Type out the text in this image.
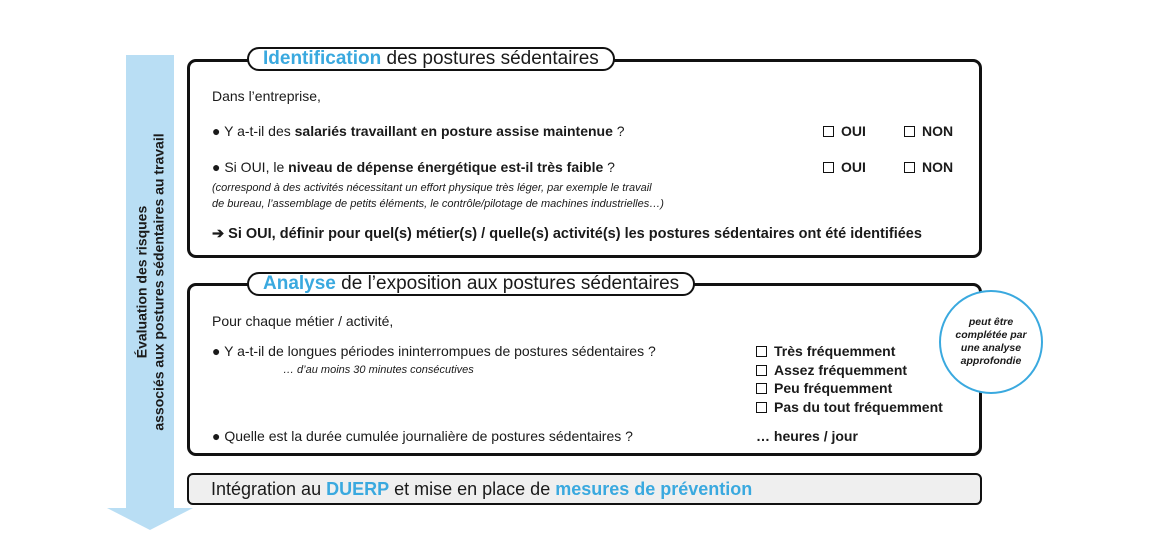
Évaluation des risques associés aux postures sédentaires au travail
Identification des postures sédentaires
Dans l’entreprise,
● Y a-t-il des salariés travaillant en posture assise maintenue ?	OUI	NON
● Si OUI, le niveau de dépense énergétique est-il très faible ?	OUI	NON
(correspond à des activités nécessitant un effort physique très léger, par exemple le travail
de bureau, l’assemblage de petits éléments, le contrôle/pilotage de machines industrielles…)
➔ Si OUI, définir pour quel(s) métier(s) / quelle(s) activité(s) les postures sédentaires ont été identifiées
Analyse de l’exposition aux postures sédentaires
Pour chaque métier / activité,
● Y a-t-il de longues périodes ininterrompues de postures sédentaires ?
… d’au moins 30 minutes consécutives
Très fréquemment
Assez fréquemment
Peu fréquemment
Pas du tout fréquemment
● Quelle est la durée cumulée journalière de postures sédentaires ?	… heures / jour
peut être
complétée par
une analyse
approfondie
Intégration au DUERP et mise en place de mesures de prévention
